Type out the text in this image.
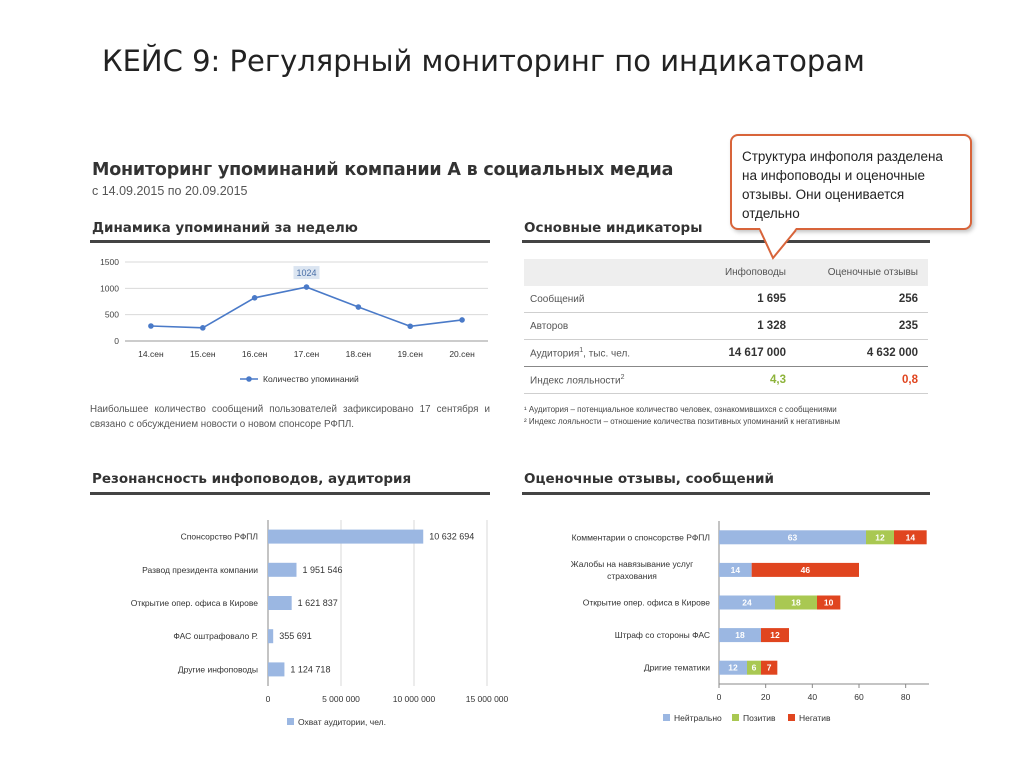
КЕЙС 9: Регулярный мониторинг по индикаторам
Мониторинг упоминаний компании А в социальных медиа
с 14.09.2015 по 20.09.2015
Динамика упоминаний за неделю
0
500
1000
1500
14.сен	15.сен	16.сен	17.сен	18.сен	19.сен	20.сен
1024
Количество упоминаний
Наибольшее количество сообщений пользователей зафиксировано 17 сентября и связано с обсуждением новости о новом спонсоре РФПЛ.
Основные индикаторы
	Инфоповоды	Оценочные отзывы
Сообщений	1 695	256
Авторов	1 328	235
Аудитория$^1$, тыс. чел.	14 617 000	4 632 000
Индекс лояльности$^2$	4,3	0,8
¹ Аудитория – потенциальное количество человек, ознакомившихся с сообщениями
² Индекс лояльности – отношение количества позитивных упоминаний к негативным
Структура инфополя разделена на инфоповоды и оценочные отзывы. Они оценивается отдельно
Резонансность инфоповодов, аудитория
0	5 000 000	10 000 000	15 000 000
Спонсорство РФПЛ	10 632 694
Развод президента компании	1 951 546
Открытие опер. офиса в Кирове	1 621 837
ФАС оштрафовало Р. 355 691
Другие инфоповоды	1 124 718
Охват аудитории, чел.
Оценочные отзывы, сообщений
0	20	40	60	80
Комментарии о спонсорстве РФПЛ	63	12 14
Жалобы на навязывание услуг
страхования
14	46
Открытие опер. офиса в Кирове	24	18	10
Штраф со стороны ФАС	18	12
Дригие тематики 12 6 7
Нейтрально Позитив	Негатив
